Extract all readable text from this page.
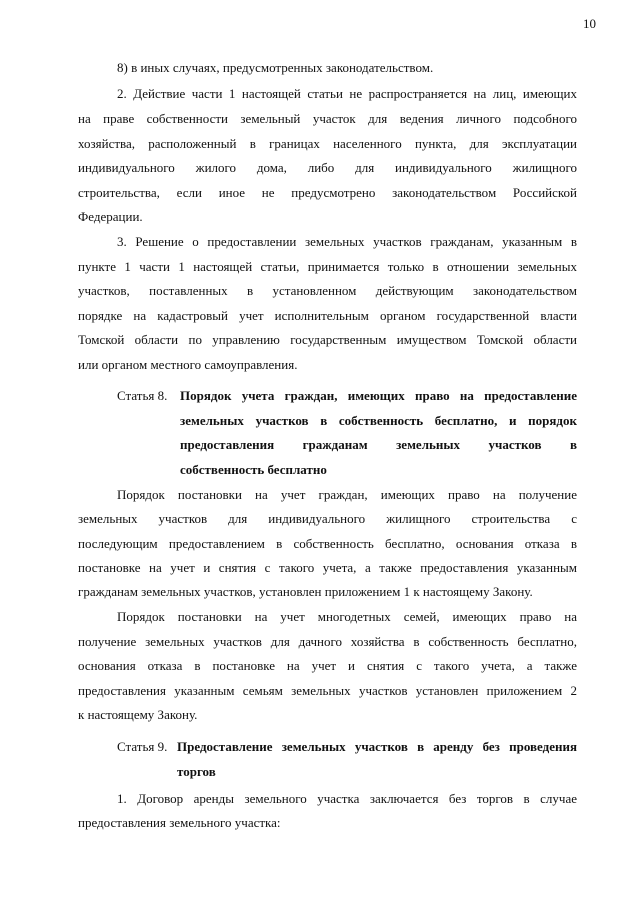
10
8) в иных случаях, предусмотренных законодательством.
2. Действие части 1 настоящей статьи не распространяется на лиц, имеющих
на праве собственности земельный участок для ведения личного подсобного
хозяйства, расположенный в границах населенного пункта, для эксплуатации
индивидуального жилого дома, либо для индивидуального жилищного
строительства, если иное не предусмотрено законодательством Российской
Федерации.
3. Решение о предоставлении земельных участков гражданам, указанным в
пункте 1 части 1 настоящей статьи, принимается только в отношении земельных
участков, поставленных в установленном действующим законодательством
порядке на кадастровый учет исполнительным органом государственной власти
Томской области по управлению государственным имуществом Томской области
или органом местного самоуправления.
Статья 8. Порядок учета граждан, имеющих право на предоставление
земельных участков в собственность бесплатно, и порядок
предоставления гражданам земельных участков в
собственность бесплатно
Порядок постановки на учет граждан, имеющих право на получение
земельных участков для индивидуального жилищного строительства с
последующим предоставлением в собственность бесплатно, основания отказа в
постановке на учет и снятия с такого учета, а также предоставления указанным
гражданам земельных участков, установлен приложением 1 к настоящему Закону.
Порядок постановки на учет многодетных семей, имеющих право на
получение земельных участков для дачного хозяйства в собственность бесплатно,
основания отказа в постановке на учет и снятия с такого учета, а также
предоставления указанным семьям земельных участков установлен приложением 2
к настоящему Закону.
Статья 9. Предоставление земельных участков в аренду без проведения
торгов
1. Договор аренды земельного участка заключается без торгов в случае
предоставления земельного участка:
